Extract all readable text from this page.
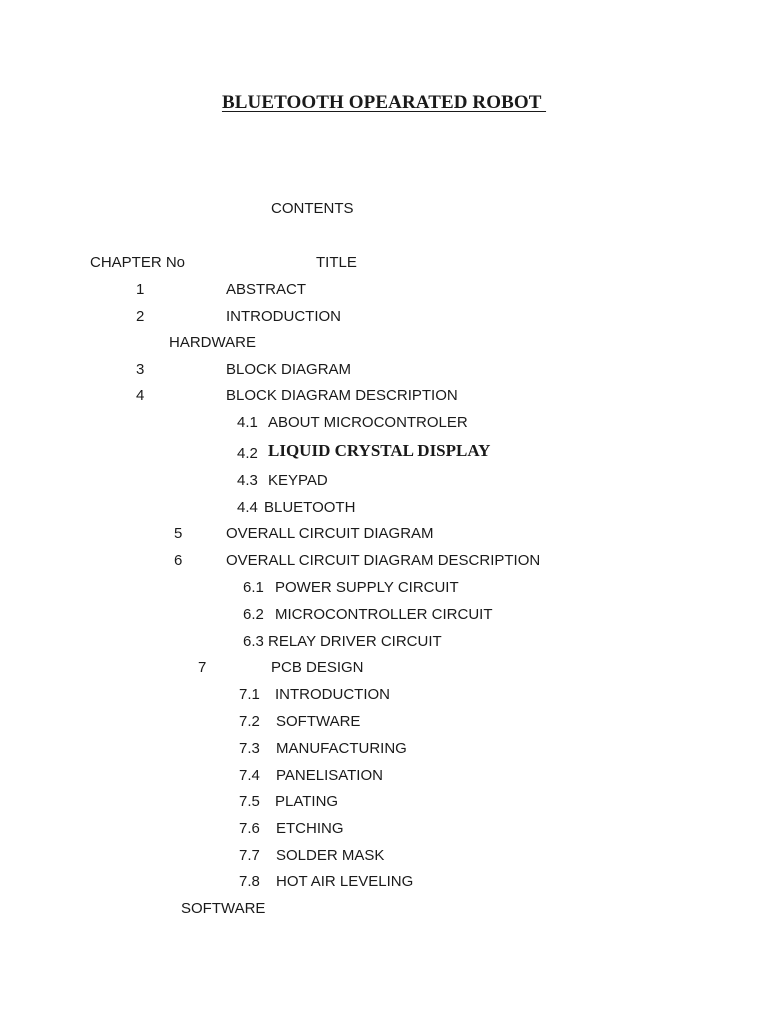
BLUETOOTH OPEARATED ROBOT
CONTENTS
CHAPTER No	TITLE
1	ABSTRACT
2	INTRODUCTION
HARDWARE
3	BLOCK DIAGRAM
4	BLOCK DIAGRAM DESCRIPTION
4.1 ABOUT MICROCONTROLER
4.2 LIQUID CRYSTAL DISPLAY
4.3 KEYPAD
4.4 BLUETOOTH
5	OVERALL CIRCUIT DIAGRAM
6	OVERALL CIRCUIT DIAGRAM DESCRIPTION
6.1 POWER SUPPLY CIRCUIT
6.2 MICROCONTROLLER CIRCUIT
6.3 RELAY DRIVER CIRCUIT
7	PCB DESIGN
7.1 INTRODUCTION
7.2 SOFTWARE
7.3 MANUFACTURING
7.4 PANELISATION
7.5 PLATING
7.6 ETCHING
7.7 SOLDER MASK
7.8 HOT AIR LEVELING
SOFTWARE
